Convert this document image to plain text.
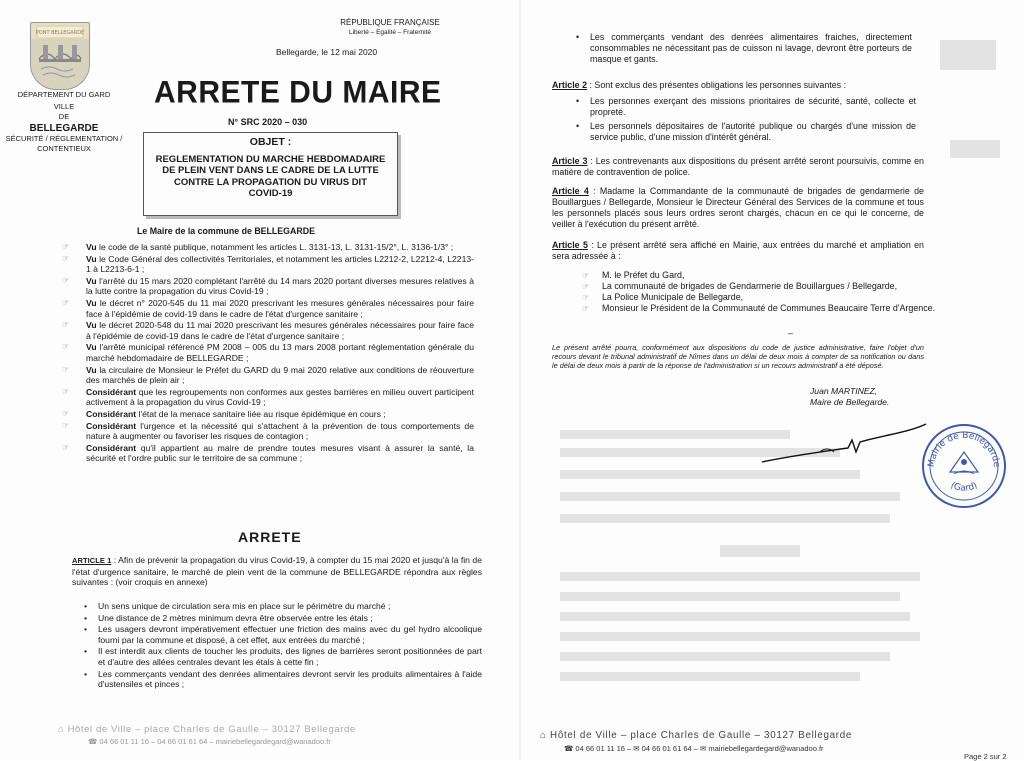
PONT BELLEGARDE
DÉPARTEMENT DU GARD
VILLE
DE
BELLEGARDE
SÉCURITÉ / RÉGLEMENTATION /
CONTENTIEUX
RÉPUBLIQUE FRANÇAISE
Liberté – Egalité – Fraternité
Bellegarde, le 12 mai 2020
ARRETE DU MAIRE
N° SRC 2020 – 030
OBJET :
REGLEMENTATION DU MARCHE HEBDOMADAIRE
DE PLEIN VENT DANS LE CADRE DE LA LUTTE
CONTRE LA PROPAGATION DU VIRUS DIT
COVID-19
Le Maire de la commune de BELLEGARDE
☞ Vu le code de la santé publique, notamment les articles L. 3131-13, L. 3131-15/2°, L. 3136-1/3° ;
☞ Vu le Code Général des collectivités Territoriales, et notamment les articles L2212-2, L2212-4, L2213-1 à L2213-6-1 ;
☞ Vu l'arrêté du 15 mars 2020 complétant l'arrêté du 14 mars 2020 portant diverses mesures relatives à la lutte contre la propagation du virus Covid-19 ;
☞ Vu le décret n° 2020-545 du 11 mai 2020 prescrivant les mesures générales nécessaires pour faire face à l'épidémie de covid-19 dans le cadre de l'état d'urgence sanitaire ;
☞ Vu le décret 2020-548 du 11 mai 2020 prescrivant les mesures générales nécessaires pour faire face à l'épidémie de covid-19 dans le cadre de l'état d'urgence sanitaire ;
☞ Vu l'arrêté municipal référencé PM 2008 – 005 du 13 mars 2008 portant réglementation générale du marché hebdomadaire de BELLEGARDE ;
☞ Vu la circulaire de Monsieur le Préfet du GARD du 9 mai 2020 relative aux conditions de réouverture des marchés de plein air ;
☞ Considérant que les regroupements non conformes aux gestes barrières en milieu ouvert participent activement à la propagation du virus Covid-19 ;
☞ Considérant l'état de la menace sanitaire liée au risque épidémique en cours ;
☞ Considérant l'urgence et la nécessité qui s'attachent à la prévention de tous comportements de nature à augmenter ou favoriser les risques de contagion ;
☞ Considérant qu'il appartient au maire de prendre toutes mesures visant à assurer la santé, la sécurité et l'ordre public sur le territoire de sa commune ;
ARRETE
ARTICLE 1 : Afin de prévenir la propagation du virus Covid-19, à compter du 15 mai 2020 et jusqu'à la fin de l'état d'urgence sanitaire, le marché de plein vent de la commune de BELLEGARDE répondra aux règles suivantes : (voir croquis en annexe)
• Un sens unique de circulation sera mis en place sur le périmètre du marché ;
• Une distance de 2 mètres minimum devra être observée entre les étals ;
• Les usagers devront impérativement effectuer une friction des mains avec du gel hydro alcoolique fourni par la commune et disposé, à cet effet, aux entrées du marché ;
• Il est interdit aux clients de toucher les produits, des lignes de barrières seront positionnées de part et d'autre des allées centrales devant les étals à cette fin ;
• Les commerçants vendant des denrées alimentaires devront servir les produits alimentaires à l'aide d'ustensiles et pinces ;
⌂ Hôtel de Ville – place Charles de Gaulle – 30127 Bellegarde
☎ 04 66 01 11 16 – 04 66 01 61 64 – mairiebellegardegard@wanadoo.fr
• Les commerçants vendant des denrées alimentaires fraiches, directement consommables ne nécessitant pas de cuisson ni lavage, devront être porteurs de masque et gants.
Article 2 : Sont exclus des présentes obligations les personnes suivantes :
• Les personnes exerçant des missions prioritaires de sécurité, santé, collecte et propreté.
• Les personnels dépositaires de l'autorité publique ou chargés d'une mission de service public, d'une mission d'intérêt général.
Article 3 : Les contrevenants aux dispositions du présent arrêté seront poursuivis, comme en matière de contravention de police.
Article 4 : Madame la Commandante de la communauté de brigades de gendarmerie de Bouillargues / Bellegarde, Monsieur le Directeur Général des Services de la commune et tous les personnels placés sous leurs ordres seront chargés, chacun en ce qui le concerne, de veiller à l'exécution du présent arrêté.
Article 5 : Le présent arrêté sera affiché en Mairie, aux entrées du marché et ampliation en sera adressée à :
☞ M. le Préfet du Gard,
☞ La communauté de brigades de Gendarmerie de Bouillargues / Bellegarde,
☞ La Police Municipale de Bellegarde,
☞ Monsieur le Président de la Communauté de Communes Beaucaire Terre d'Argence.
–
Le présent arrêté pourra, conformément aux dispositions du code de justice administrative, faire l'objet d'un recours devant le tribunal administratif de Nîmes dans un délai de deux mois à compter de sa notification ou dans le délai de deux mois à partir de la réponse de l'administration si un recours administratif a été déposé.
Juan MARTINEZ,
Maire de Bellegarde.
Mairie de Bellegarde
(Gard)
⌂ Hôtel de Ville – place Charles de Gaulle – 30127 Bellegarde
☎ 04 66 01 11 16 – ✉ 04 66 01 61 64 – ✉ mairiebellegardegard@wanadoo.fr
Page 2 sur 2
